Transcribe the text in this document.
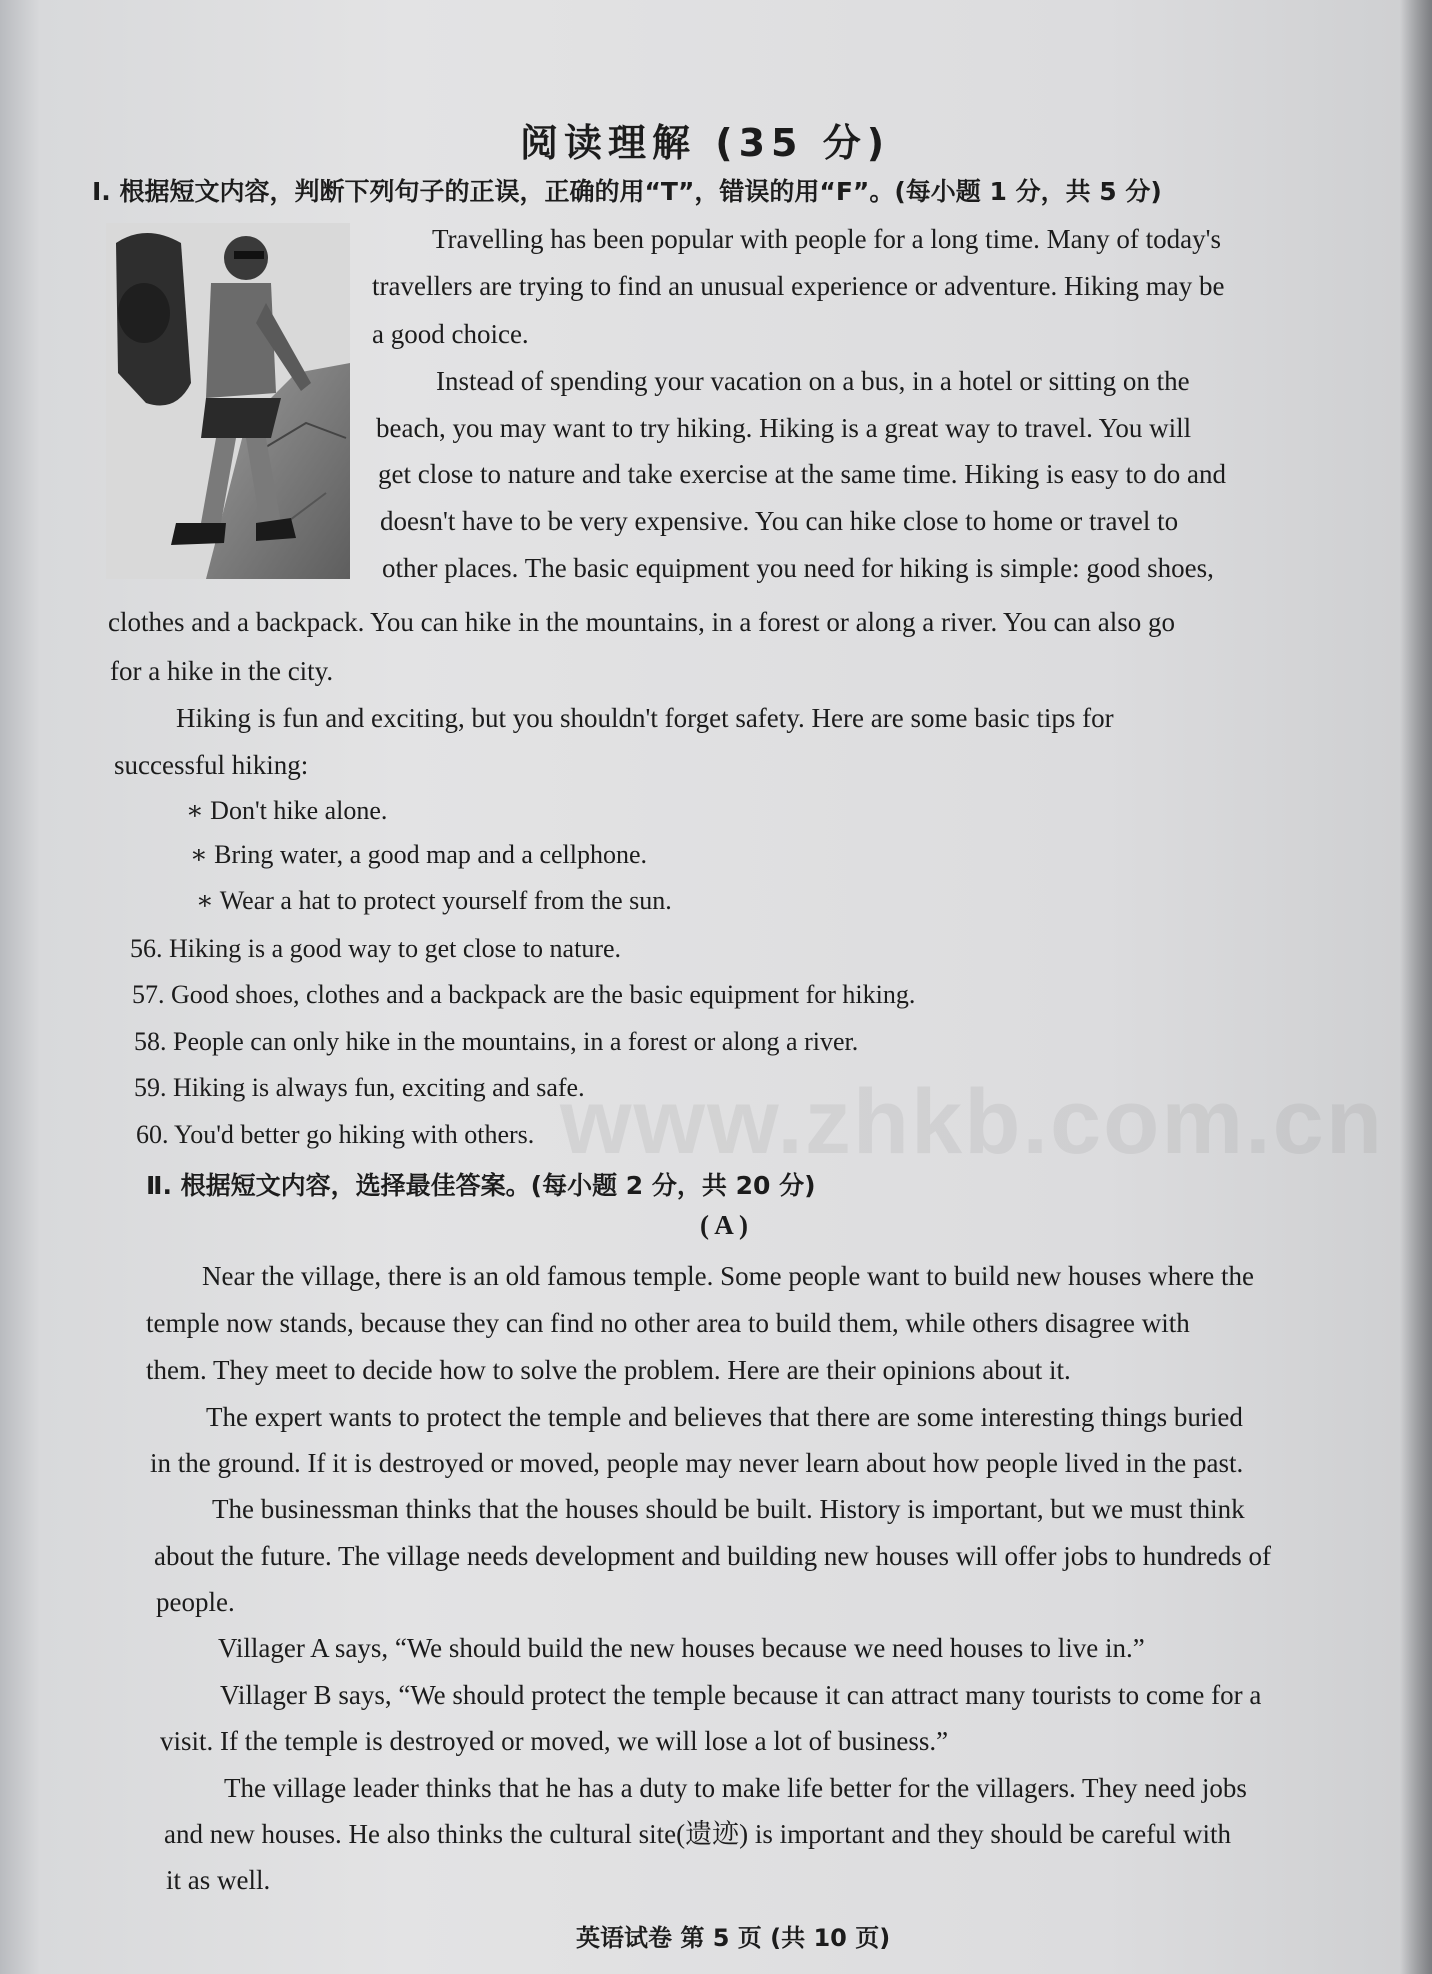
www.zhkb.com.cn
阅读理解 (35 分)
Ⅰ. 根据短文内容，判断下列句子的正误，正确的用“T”，错误的用“F”。(每小题 1 分，共 5 分)
Travelling has been popular with people for a long time. Many of today's
travellers are trying to find an unusual experience or adventure. Hiking may be
a good choice.
Instead of spending your vacation on a bus, in a hotel or sitting on the
beach, you may want to try hiking. Hiking is a great way to travel. You will
get close to nature and take exercise at the same time. Hiking is easy to do and
doesn't have to be very expensive. You can hike close to home or travel to
other places. The basic equipment you need for hiking is simple: good shoes,
clothes and a backpack. You can hike in the mountains, in a forest or along a river. You can also go
for a hike in the city.
Hiking is fun and exciting, but you shouldn't forget safety. Here are some basic tips for
successful hiking:
∗ Don't hike alone.
∗ Bring water, a good map and a cellphone.
∗ Wear a hat to protect yourself from the sun.
56. Hiking is a good way to get close to nature.
57. Good shoes, clothes and a backpack are the basic equipment for hiking.
58. People can only hike in the mountains, in a forest or along a river.
59. Hiking is always fun, exciting and safe.
60. You'd better go hiking with others.
Ⅱ. 根据短文内容，选择最佳答案。(每小题 2 分，共 20 分)
( A )
Near the village, there is an old famous temple. Some people want to build new houses where the
temple now stands, because they can find no other area to build them, while others disagree with
them. They meet to decide how to solve the problem. Here are their opinions about it.
The expert wants to protect the temple and believes that there are some interesting things buried
in the ground. If it is destroyed or moved, people may never learn about how people lived in the past.
The businessman thinks that the houses should be built. History is important, but we must think
about the future. The village needs development and building new houses will offer jobs to hundreds of
people.
Villager A says, “We should build the new houses because we need houses to live in.”
Villager B says, “We should protect the temple because it can attract many tourists to come for a
visit. If the temple is destroyed or moved, we will lose a lot of business.”
The village leader thinks that he has a duty to make life better for the villagers. They need jobs
and new houses. He also thinks the cultural site(遗迹) is important and they should be careful with
it as well.
英语试卷 第 5 页 (共 10 页)
